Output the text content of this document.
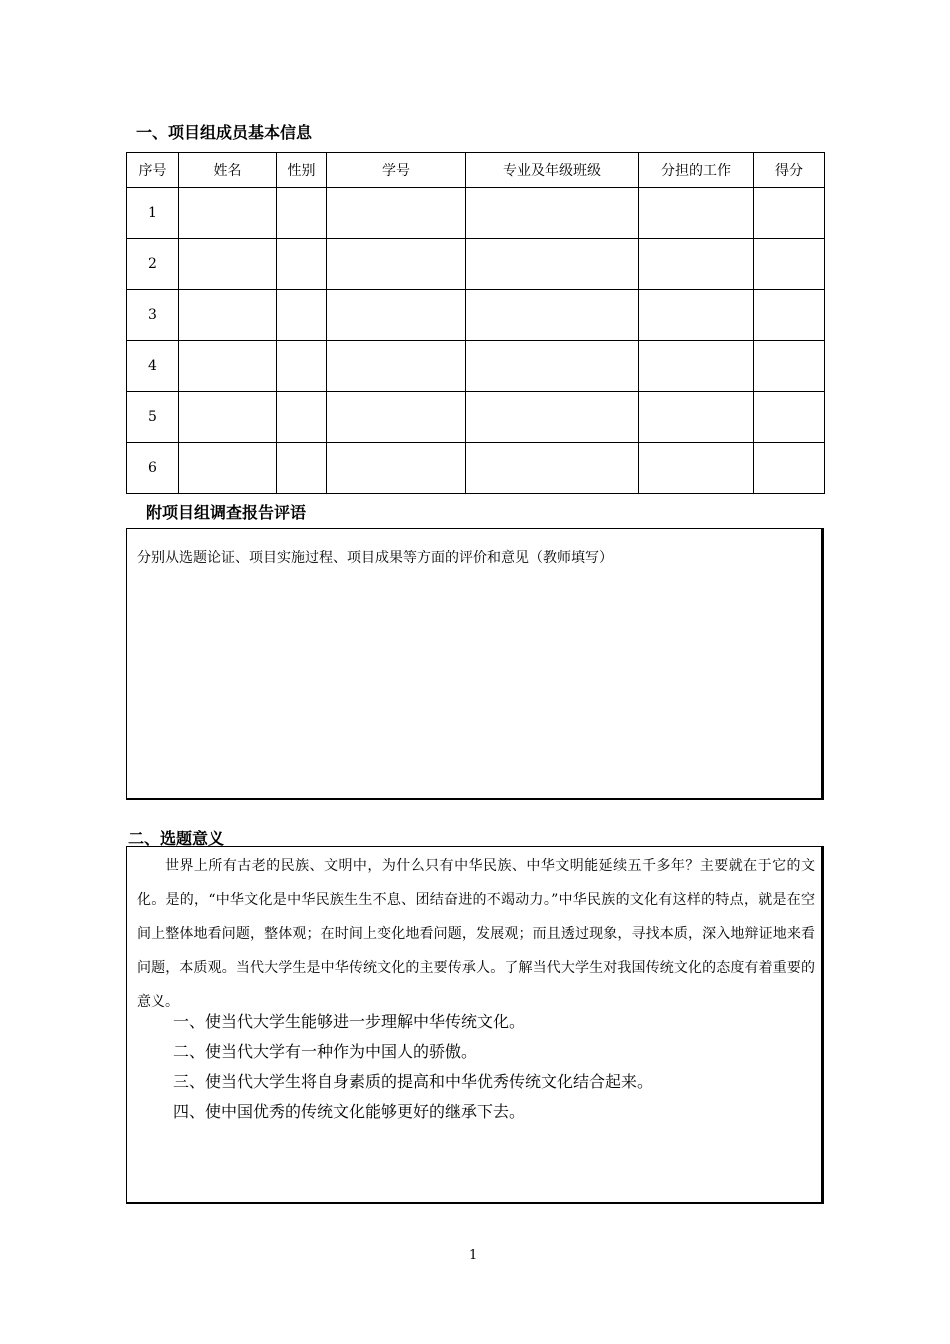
一、项目组成员基本信息
序号	姓名	性别	学号	专业及年级班级	分担的工作	得分
1						
2						
3						
4						
5						
6						
附项目组调查报告评语
分别从选题论证、项目实施过程、项目成果等方面的评价和意见（教师填写）
二、选题意义
世界上所有古老的民族、文明中，为什么只有中华民族、中华文明能延续五千多年？主要就在于它的文化。是的，“中华文化是中华民族生生不息、团结奋进的不竭动力。”中华民族的文化有这样的特点，就是在空间上整体地看问题，整体观；在时间上变化地看问题，发展观；而且透过现象，寻找本质，深入地辩证地来看问题，本质观。当代大学生是中华传统文化的主要传承人。了解当代大学生对我国传统文化的态度有着重要的意义。
一、使当代大学生能够进一步理解中华传统文化。
二、使当代大学有一种作为中国人的骄傲。
三、使当代大学生将自身素质的提高和中华优秀传统文化结合起来。
四、使中国优秀的传统文化能够更好的继承下去。
1
